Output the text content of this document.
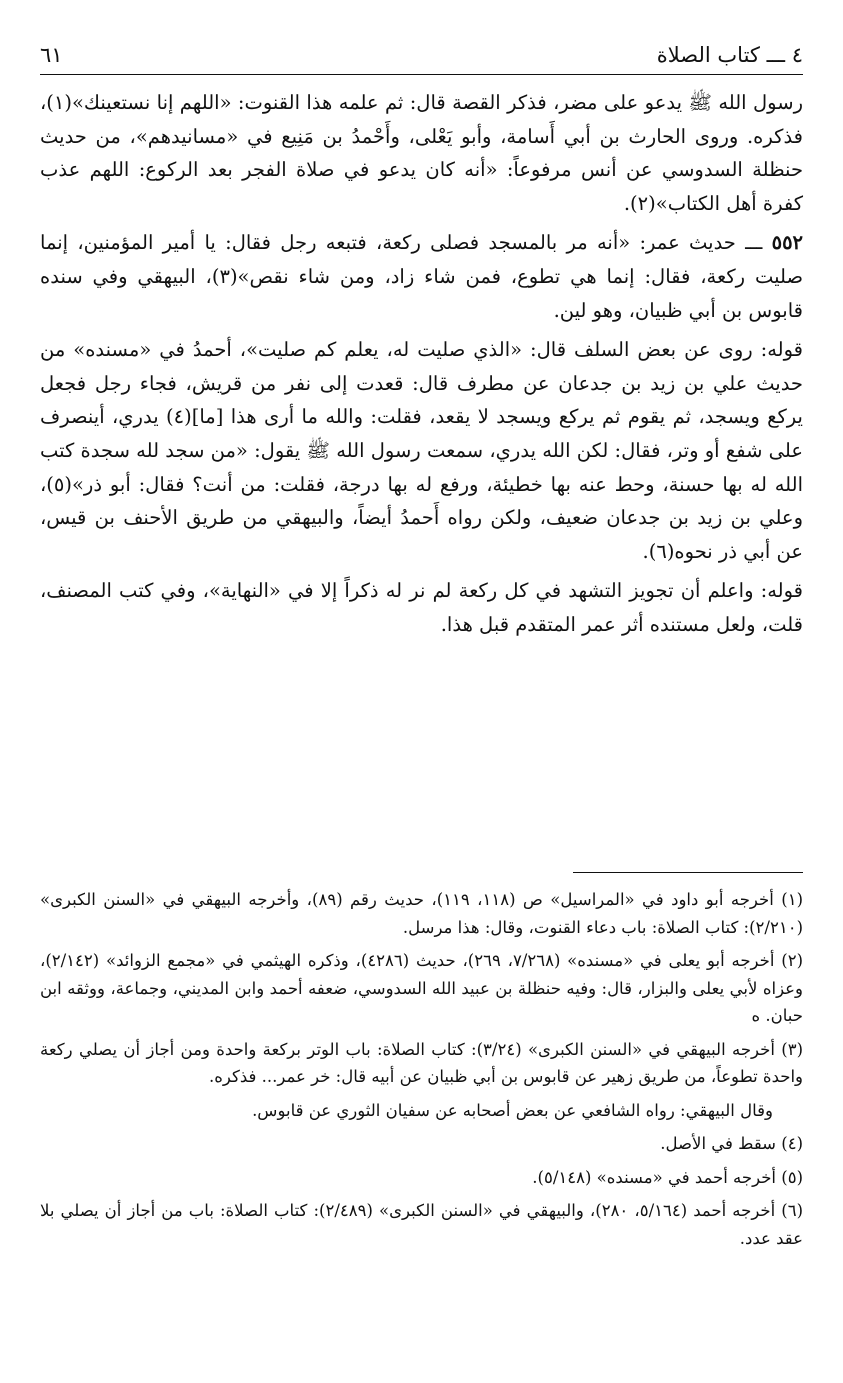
٤ ـــ كتاب الصلاة
٦١

رسول الله ﷺ يدعو على مضر، فذكر القصة قال: ثم علمه هذا القنوت: «اللهم إنا نستعينك»(١)، فذكره. وروى الحارث بن أبي أَسامة، وأبو يَعْلى، وأَحْمدُ بن مَنِيع في «مسانيدهم»، من حديث حنظلة السدوسي عن أنس مرفوعاً: «أنه كان يدعو في صلاة الفجر بعد الركوع: اللهم عذب كفرة أهل الكتاب»(٢).

٥٥٢ ـــ حديث عمر: «أنه مر بالمسجد فصلى ركعة، فتبعه رجل فقال: يا أمير المؤمنين، إنما صليت ركعة، فقال: إنما هي تطوع، فمن شاء زاد، ومن شاء نقص»(٣)، البيهقي وفي سنده قابوس بن أبي ظبيان، وهو لين.

قوله: روى عن بعض السلف قال: «الذي صليت له، يعلم كم صليت»، أحمدُ في «مسنده» من حديث علي بن زيد بن جدعان عن مطرف قال: قعدت إلى نفر من قريش، فجاء رجل فجعل يركع ويسجد، ثم يقوم ثم يركع ويسجد لا يقعد، فقلت: والله ما أرى هذا [ما](٤) يدري، أينصرف على شفع أو وتر، فقال: لكن الله يدري، سمعت رسول الله ﷺ يقول: «من سجد لله سجدة كتب الله له بها حسنة، وحط عنه بها خطيئة، ورفع له بها درجة، فقلت: من أنت؟ فقال: أبو ذر»(٥)، وعلي بن زيد بن جدعان ضعيف، ولكن رواه أَحمدُ أيضاً، والبيهقي من طريق الأحنف بن قيس، عن أبي ذر نحوه(٦).

قوله: واعلم أن تجويز التشهد في كل ركعة لم نر له ذكراً إلا في «النهاية»، وفي كتب المصنف، قلت، ولعل مستنده أثر عمر المتقدم قبل هذا.

(١) أخرجه أبو داود في «المراسيل» ص (١١٨، ١١٩)، حديث رقم (٨٩)، وأخرجه البيهقي في «السنن الكبرى» (٢/٢١٠): كتاب الصلاة: باب دعاء القنوت، وقال: هذا مرسل.

(٢) أخرجه أبو يعلى في «مسنده» (٧/٢٦٨، ٢٦٩)، حديث (٤٢٨٦)، وذكره الهيثمي في «مجمع الزوائد» (٢/١٤٢)، وعزاه لأبي يعلى والبزار، قال: وفيه حنظلة بن عبيد الله السدوسي، ضعفه أحمد وابن المديني، وجماعة، ووثقه ابن حبان. ه

(٣) أخرجه البيهقي في «السنن الكبرى» (٣/٢٤): كتاب الصلاة: باب الوتر بركعة واحدة ومن أجاز أن يصلي ركعة واحدة تطوعاً، من طريق زهير عن قابوس بن أبي ظبيان عن أبيه قال: خر عمر... فذكره.

وقال البيهقي: رواه الشافعي عن بعض أصحابه عن سفيان الثوري عن قابوس.

(٤) سقط في الأصل.

(٥) أخرجه أحمد في «مسنده» (٥/١٤٨).

(٦) أخرجه أحمد (٥/١٦٤، ٢٨٠)، والبيهقي في «السنن الكبرى» (٢/٤٨٩): كتاب الصلاة: باب من أجاز أن يصلي بلا عقد عدد.
